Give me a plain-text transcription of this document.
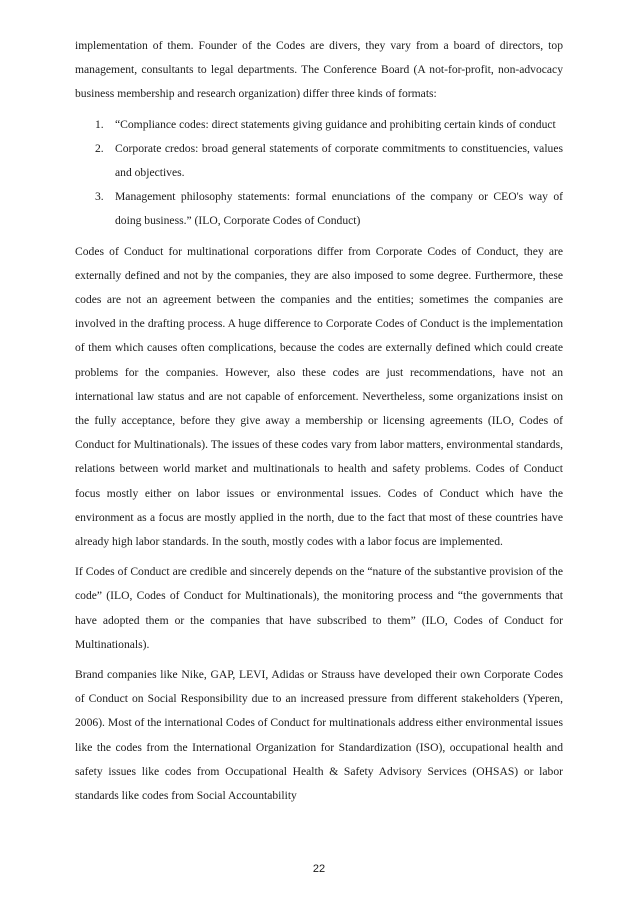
implementation of them. Founder of the Codes are divers, they vary from a board of directors, top management, consultants to legal departments. The Conference Board (A not-for-profit, non-advocacy business membership and research organization) differ three kinds of formats:

1. “Compliance codes: direct statements giving guidance and prohibiting certain kinds of conduct
2. Corporate credos: broad general statements of corporate commitments to constituencies, values and objectives.
3. Management philosophy statements: formal enunciations of the company or CEO's way of doing business.” (ILO, Corporate Codes of Conduct)

Codes of Conduct for multinational corporations differ from Corporate Codes of Conduct, they are externally defined and not by the companies, they are also imposed to some degree. Furthermore, these codes are not an agreement between the companies and the entities; sometimes the companies are involved in the drafting process. A huge difference to Corporate Codes of Conduct is the implementation of them which causes often complications, because the codes are externally defined which could create problems for the companies. However, also these codes are just recommendations, have not an international law status and are not capable of enforcement. Nevertheless, some organizations insist on the fully acceptance, before they give away a membership or licensing agreements (ILO, Codes of Conduct for Multinationals). The issues of these codes vary from labor matters, environmental standards, relations between world market and multinationals to health and safety problems. Codes of Conduct focus mostly either on labor issues or environmental issues. Codes of Conduct which have the environment as a focus are mostly applied in the north, due to the fact that most of these countries have already high labor standards. In the south, mostly codes with a labor focus are implemented.

If Codes of Conduct are credible and sincerely depends on the “nature of the substantive provision of the code” (ILO, Codes of Conduct for Multinationals), the monitoring process and “the governments that have adopted them or the companies that have subscribed to them” (ILO, Codes of Conduct for Multinationals).

Brand companies like Nike, GAP, LEVI, Adidas or Strauss have developed their own Corporate Codes of Conduct on Social Responsibility due to an increased pressure from different stakeholders (Yperen, 2006). Most of the international Codes of Conduct for multinationals address either environmental issues like the codes from the International Organization for Standardization (ISO), occupational health and safety issues like codes from Occupational Health & Safety Advisory Services (OHSAS) or labor standards like codes from Social Accountability

22
